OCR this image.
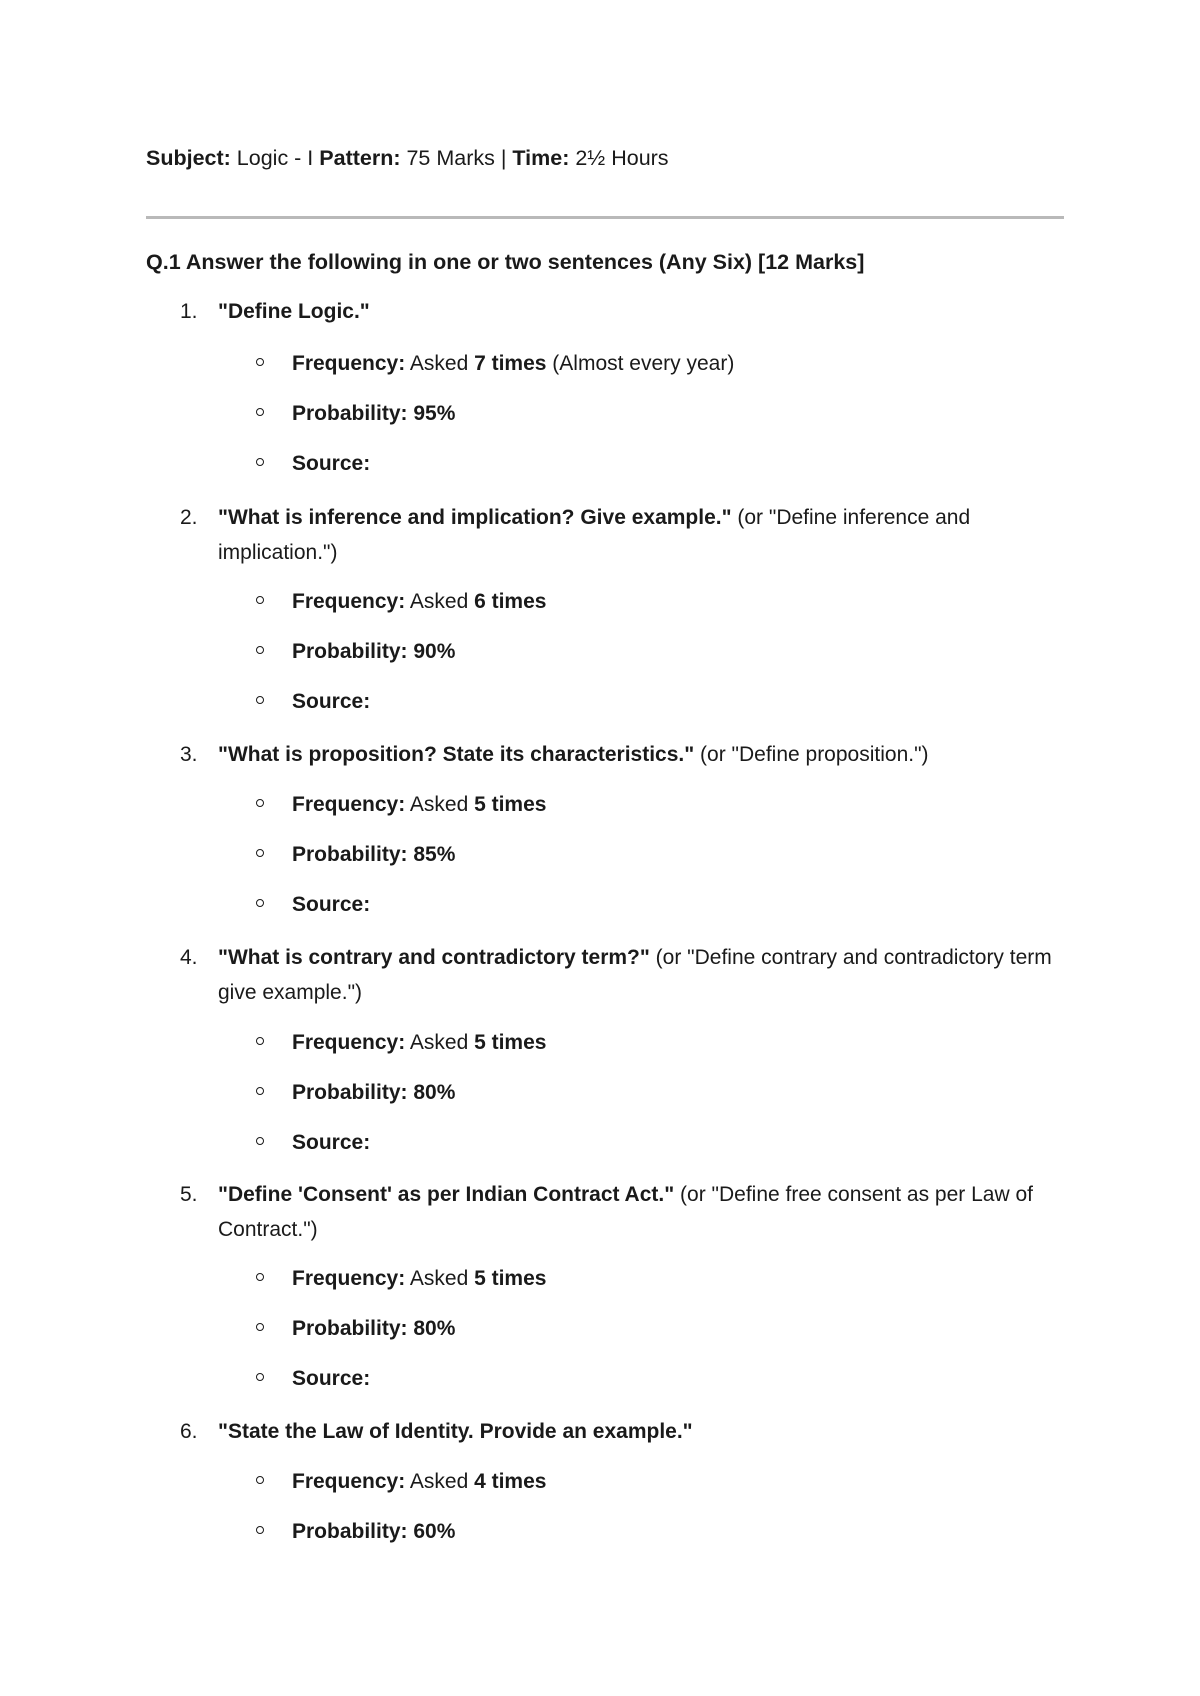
Subject: Logic - I Pattern: 75 Marks | Time: 2½ Hours
Q.1 Answer the following in one or two sentences (Any Six) [12 Marks]
1. "Define Logic."
Frequency: Asked 7 times (Almost every year)
Probability: 95%
Source:
2. "What is inference and implication? Give example." (or "Define inference and implication.")
Frequency: Asked 6 times
Probability: 90%
Source:
3. "What is proposition? State its characteristics." (or "Define proposition.")
Frequency: Asked 5 times
Probability: 85%
Source:
4. "What is contrary and contradictory term?" (or "Define contrary and contradictory term give example.")
Frequency: Asked 5 times
Probability: 80%
Source:
5. "Define 'Consent' as per Indian Contract Act." (or "Define free consent as per Law of Contract.")
Frequency: Asked 5 times
Probability: 80%
Source:
6. "State the Law of Identity. Provide an example."
Frequency: Asked 4 times
Probability: 60%
